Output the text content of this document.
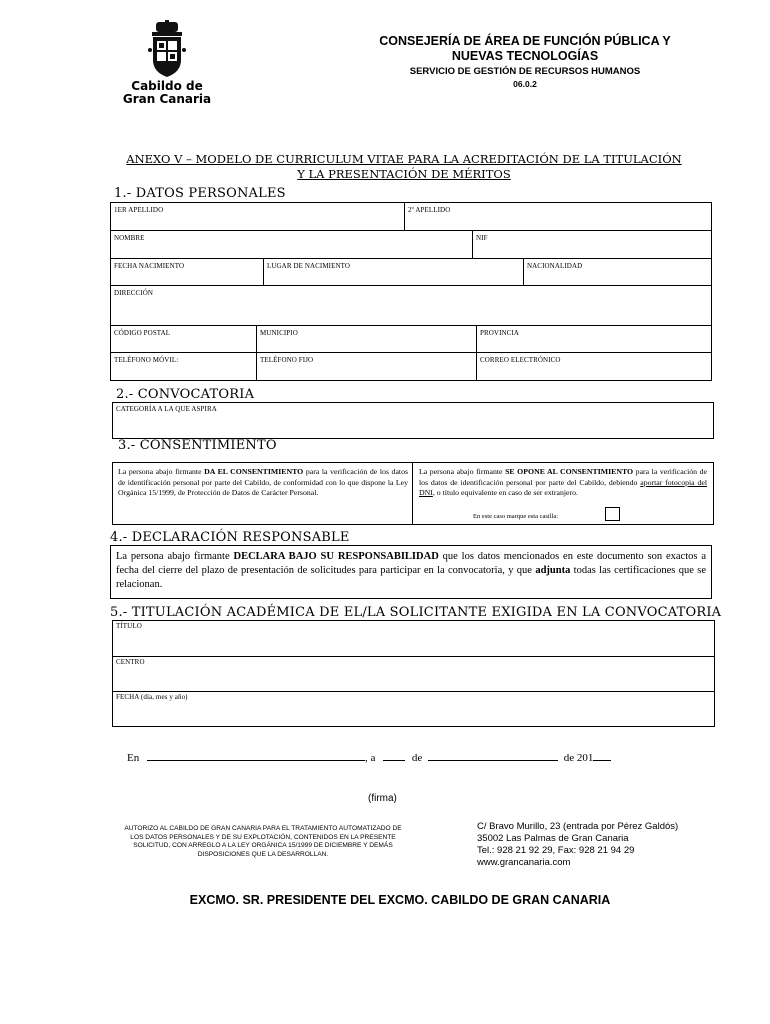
Cabildo de
Gran Canaria
CONSEJERÍA DE ÁREA DE FUNCIÓN PÚBLICA Y
NUEVAS TECNOLOGÍAS
SERVICIO DE GESTIÓN DE RECURSOS HUMANOS
06.0.2
ANEXO V – MODELO DE CURRICULUM VITAE PARA LA ACREDITACIÓN DE LA TITULACIÓN
Y LA PRESENTACIÓN DE MÉRITOS
1.- DATOS PERSONALES
1ER APELLIDO	2º APELLIDO
NOMBRE	NIF
FECHA NACIMIENTO	LUGAR DE NACIMIENTO	NACIONALIDAD
DIRECCIÓN
CÓDIGO POSTAL	MUNICIPIO	PROVINCIA
TELÉFONO MÓVIL:	TELÉFONO FIJO	CORREO ELECTRÓNICO
2.- CONVOCATORIA
CATEGORÍA A LA QUE ASPIRA
3.- CONSENTIMIENTO
La persona abajo firmante DA EL CONSENTIMIENTO para la verificación de los datos de identificación personal por parte del Cabildo, de conformidad con lo que dispone la Ley Orgánica 15/1999, de Protección de Datos de Carácter Personal.
La persona abajo firmante SE OPONE AL CONSENTIMIENTO para la verificación de los datos de identificación personal por parte del Cabildo, debiendo aportar fotocopia del DNI, o título equivalente en caso de ser extranjero.
En este caso marque esta casilla:
4.- DECLARACIÓN RESPONSABLE
La persona abajo firmante DECLARA BAJO SU RESPONSABILIDAD que los datos mencionados en este documento son exactos a fecha del cierre del plazo de presentación de solicitudes para participar en la convocatoria, y que adjunta todas las certificaciones que se relacionan.
5.- TITULACIÓN ACADÉMICA DE EL/LA SOLICITANTE EXIGIDA EN LA CONVOCATORIA
TÍTULO
CENTRO
FECHA (día, mes y año)
En	, a	de	de 201
(firma)
AUTORIZO AL CABILDO DE GRAN CANARIA PARA EL TRATAMIENTO AUTOMATIZADO DE LOS DATOS PERSONALES Y DE SU EXPLOTACIÓN, CONTENIDOS EN LA PRESENTE SOLICITUD, CON ARREGLO A LA LEY ORGÁNICA 15/1999 DE DICIEMBRE Y DEMÁS DISPOSICIONES QUE LA DESARROLLAN.
C/ Bravo Murillo, 23 (entrada por Pérez Galdós)
35002 Las Palmas de Gran Canaria
Tel.: 928 21 92 29, Fax: 928 21 94 29
www.grancanaria.com
EXCMO. SR. PRESIDENTE DEL EXCMO. CABILDO DE GRAN CANARIA
